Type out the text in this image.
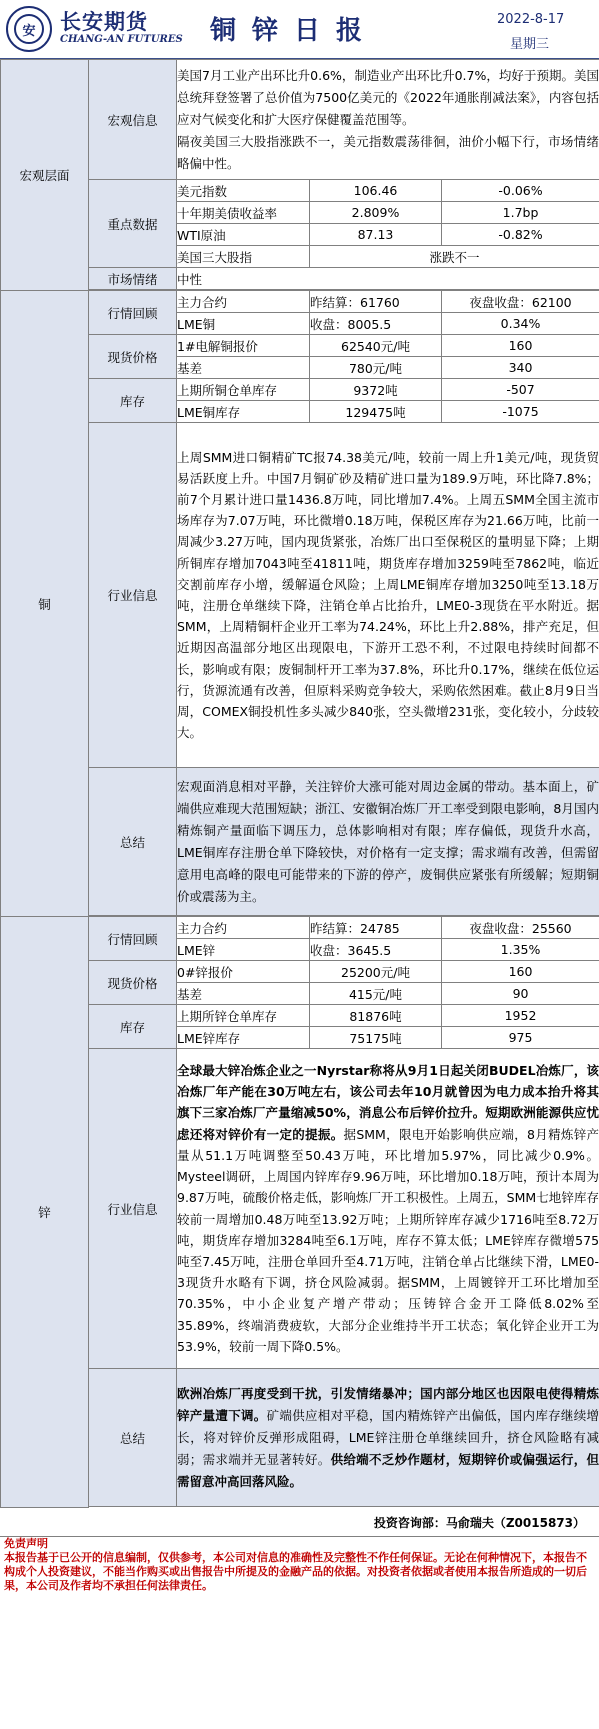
安	长安期货
CHANG-AN FUTURES 铜锌日报	2022-8-17
星期三
宏观层面	宏观信息	美国7月工业产出环比升0.6%，制造业产出环比升0.7%，均好于预期。美国总统拜登签署了总价值为7500亿美元的《2022年通胀削减法案》，内容包括应对气候变化和扩大医疗保健覆盖范围等。
隔夜美国三大股指涨跌不一，美元指数震荡徘徊，油价小幅下行，市场情绪略偏中性。		

	重点数据	美元指数	106.46	-0.06%
		十年期美债收益率	2.809%	1.7bp
		WTI原油	87.13	-0.82%
		美国三大股指	涨跌不一	
	市场情绪	中性		

铜	行情回顾	主力合约	昨结算：61760	夜盘收盘：62100
		LME铜	收盘：8005.5	0.34%
	现货价格	1#电解铜报价	62540元/吨	160
		基差	780元/吨	340
	库存	上期所铜仓单库存	9372吨	-507
		LME铜库存	129475吨	-1075
	行业信息	上周SMM进口铜精矿TC报74.38美元/吨，较前一周上升1美元/吨，现货贸易活跃度上升。中国7月铜矿砂及精矿进口量为189.9万吨，环比降7.8%；前7个月累计进口量1436.8万吨，同比增加7.4%。上周五SMM全国主流市场库存为7.07万吨，环比微增0.18万吨，保税区库存为21.66万吨，比前一周减少3.27万吨，国内现货紧张，冶炼厂出口至保税区的量明显下降；上期所铜库存增加7043吨至41811吨，期货库存增加3259吨至7862吨，临近交割前库存小增，缓解逼仓风险；上周LME铜库存增加3250吨至13.18万吨，注册仓单继续下降，注销仓单占比抬升，LME0-3现货在平水附近。据SMM，上周精铜杆企业开工率为74.24%，环比上升2.88%，排产充足，但近期因高温部分地区出现限电，下游开工恐不利，不过限电持续时间都不长，影响或有限；废铜制杆开工率为37.8%，环比升0.17%，继续在低位运行，货源流通有改善，但原料采购竞争较大，采购依然困难。截止8月9日当周，COMEX铜投机性多头减少840张，空头微增231张，变化较小，分歧较大。		
	总结	宏观面消息相对平静，关注锌价大涨可能对周边金属的带动。基本面上，矿端供应难现大范围短缺；浙江、安徽铜冶炼厂开工率受到限电影响，8月国内精炼铜产量面临下调压力，总体影响相对有限；库存偏低，现货升水高，LME铜库存注册仓单下降较快，对价格有一定支撑；需求端有改善，但需留意用电高峰的限电可能带来的下游的停产，废铜供应紧张有所缓解；短期铜价或震荡为主。		

锌	行情回顾	主力合约	昨结算：24785	夜盘收盘：25560
		LME锌	收盘：3645.5	1.35%
	现货价格	0#锌报价	25200元/吨	160
		基差	415元/吨	90
	库存	上期所锌仓单库存	81876吨	1952
		LME锌库存	75175吨	975
	行业信息	全球最大锌冶炼企业之一Nyrstar称将从9月1日起关闭BUDEL冶炼厂，该冶炼厂年产能在30万吨左右，该公司去年10月就曾因为电力成本抬升将其旗下三家冶炼厂产量缩减50%，消息公布后锌价拉升。短期欧洲能源供应忧虑还将对锌价有一定的提振。据SMM，限电开始影响供应端，8月精炼锌产量从51.1万吨调整至50.43万吨，环比增加5.97%，同比减少0.9%。Mysteel调研，上周国内锌库存9.96万吨，环比增加0.18万吨，预计本周为9.87万吨，硫酸价格走低，影响炼厂开工积极性。上周五，SMM七地锌库存较前一周增加0.48万吨至13.92万吨；上期所锌库存减少1716吨至8.72万吨，期货库存增加3284吨至6.1万吨，库存不算太低；LME锌库存微增575吨至7.45万吨，注册仓单回升至4.71万吨，注销仓单占比继续下滑，LME0-3现货升水略有下调，挤仓风险减弱。据SMM，上周镀锌开工环比增加至70.35%，中小企业复产增产带动；压铸锌合金开工降低8.02%至35.89%，终端消费疲软，大部分企业维持半开工状态；氧化锌企业开工为53.9%，较前一周下降0.5%。		
	总结	欧洲冶炼厂再度受到干扰，引发情绪暴冲；国内部分地区也因限电使得精炼锌产量遭下调。矿端供应相对平稳，国内精炼锌产出偏低，国内库存继续增长，将对锌价反弹形成阻碍，LME锌注册仓单继续回升，挤仓风险略有减弱；需求端并无显著转好。供给端不乏炒作题材，短期锌价或偏强运行，但需留意冲高回落风险。		

投资咨询部：马俞瑞夫（Z0015873）
免责声明
本报告基于已公开的信息编制，仅供参考，本公司对信息的准确性及完整性不作任何保证。无论在何种情况下，本报告不构成个人投资建议，不能当作购买或出售报告中所提及的金融产品的依据。对投资者依据或者使用本报告所造成的一切后果，本公司及作者均不承担任何法律责任。
